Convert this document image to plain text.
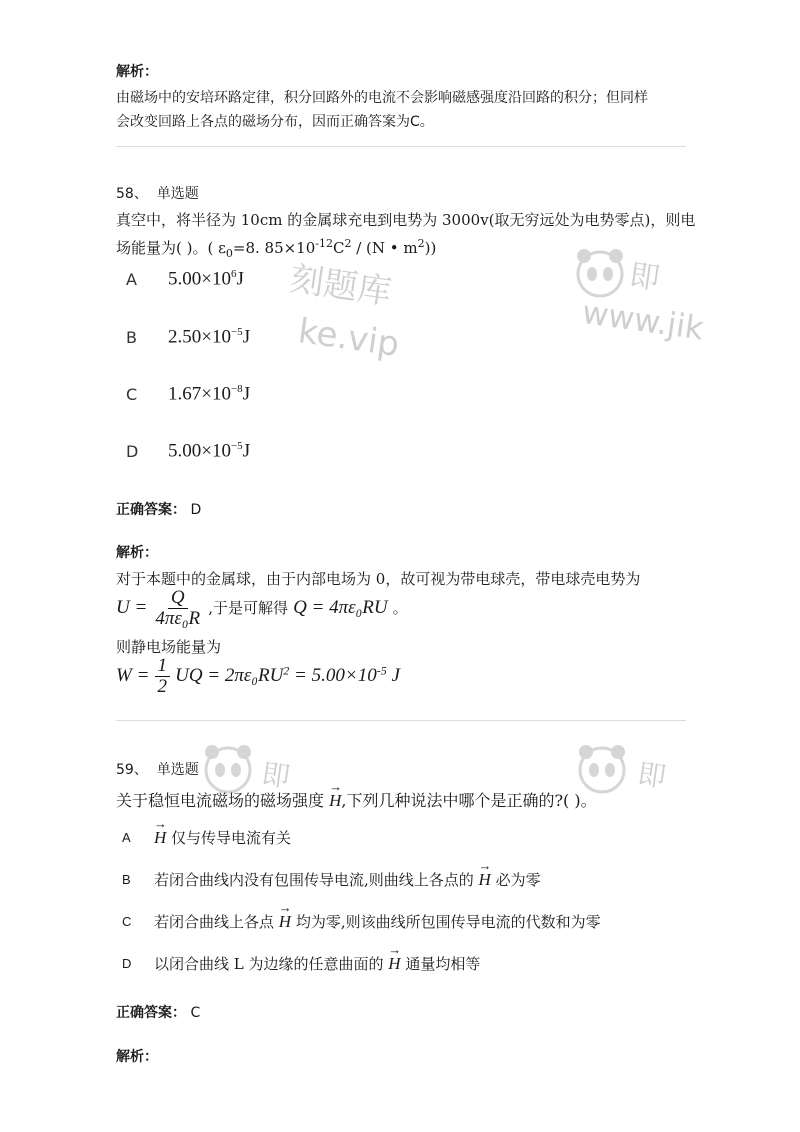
解析：
由磁场中的安培环路定律，积分回路外的电流不会影响磁感强度沿回路的积分；但同样
会改变回路上各点的磁场分布，因而正确答案为C。
58、 单选题
真空中，将半径为 10cm 的金属球充电到电势为 3000v(取无穷远处为电势零点)，则电
场能量为( )。( $\varepsilon_0=8$. $85\times 10^{-12}C^2 / (N$ • $m^2$))
刻题库
ke.vip
即
www.jik
A $5.00\times 10^6J$
B $2.50\times 10^{-5}J$
C $1.67\times 10^{-8}J$
D $5.00\times 10^{-5}J$
正确答案： D
解析：
对于本题中的金属球，由于内部电场为 0，故可视为带电球壳，带电球壳电势为
$U = \frac{Q}{\text{4πε₀R}}$ ,于是可解得 Q = 4πε₀RU 。
则静电场能量为
$W = \frac{1}{2}$ UQ = $2\pi\varepsilon_0RU^2 = 5.00\times 10^{-5}$ J
即	即
59、 单选题
关于稳恒电流磁场的磁场强度 → H,下列几种说法中哪个是正确的?( )。
A → H 仅与传导电流有关
B 若闭合曲线内没有包围传导电流,则曲线上各点的 → H 必为零
C 若闭合曲线上各点 → H 均为零,则该曲线所包围传导电流的代数和为零
D 以闭合曲线 L 为边缘的任意曲面的 → H 通量均相等
正确答案： C
解析：
